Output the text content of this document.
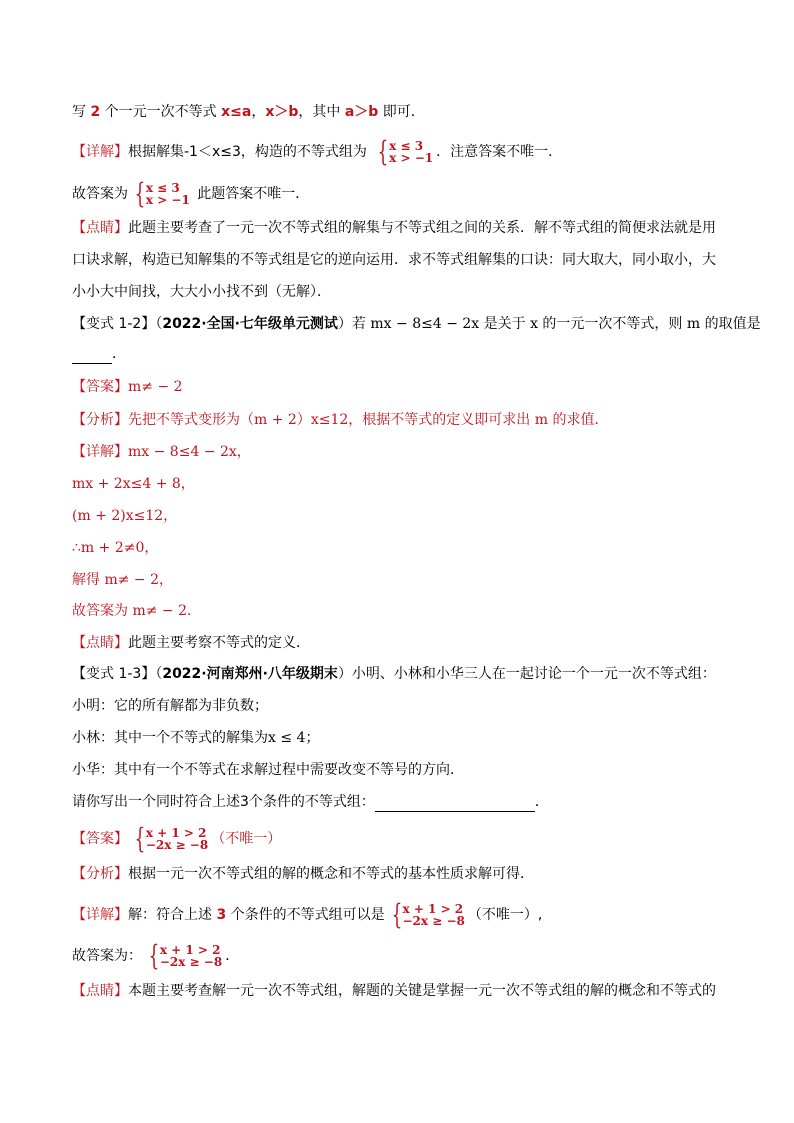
写 2 个一元一次不等式 x≤a，x＞b，其中 a＞b 即可．
【详解】根据解集-1＜x≤3，构造的不等式组为 { x ≤ 3
x > −1 ．注意答案不唯一．
故答案为 { x ≤ 3
x > −1 此题答案不唯一．
【点睛】此题主要考查了一元一次不等式组的解集与不等式组之间的关系．解不等式组的简便求法就是用
口诀求解，构造已知解集的不等式组是它的逆向运用．求不等式组解集的口诀：同大取大，同小取小，大
小小大中间找，大大小小找不到（无解）．
【变式 1-2】（2022·全国·七年级单元测试）若 mx − 8≤4 − 2x 是关于 x 的一元一次不等式，则 m 的取值是
．
【答案】m≠ − 2
【分析】先把不等式变形为（m + 2）x≤12，根据不等式的定义即可求出 m 的求值．
【详解】mx − 8≤4 − 2x，
mx + 2x≤4 + 8，
(m + 2)x≤12，
∴m + 2≠0，
解得 m≠ − 2，
故答案为 m≠ − 2．
【点睛】此题主要考察不等式的定义．
【变式 1-3】（2022·河南郑州·八年级期末）小明、小林和小华三人在一起讨论一个一元一次不等式组：
小明：它的所有解都为非负数；
小林：其中一个不等式的解集为x ≤ 4；
小华：其中有一个不等式在求解过程中需要改变不等号的方向．
请你写出一个同时符合上述3个条件的不等式组：	．
【答案】 { x + 1 > 2
−2x ≥ −8 （不唯一）
【分析】根据一元一次不等式组的解的概念和不等式的基本性质求解可得．
【详解】解：符合上述 3 个条件的不等式组可以是 { x + 1 > 2
−2x ≥ −8 （不唯一）,
故答案为： { x + 1 > 2
−2x ≥ −8 ．
【点睛】本题主要考查解一元一次不等式组，解题的关键是掌握一元一次不等式组的解的概念和不等式的
